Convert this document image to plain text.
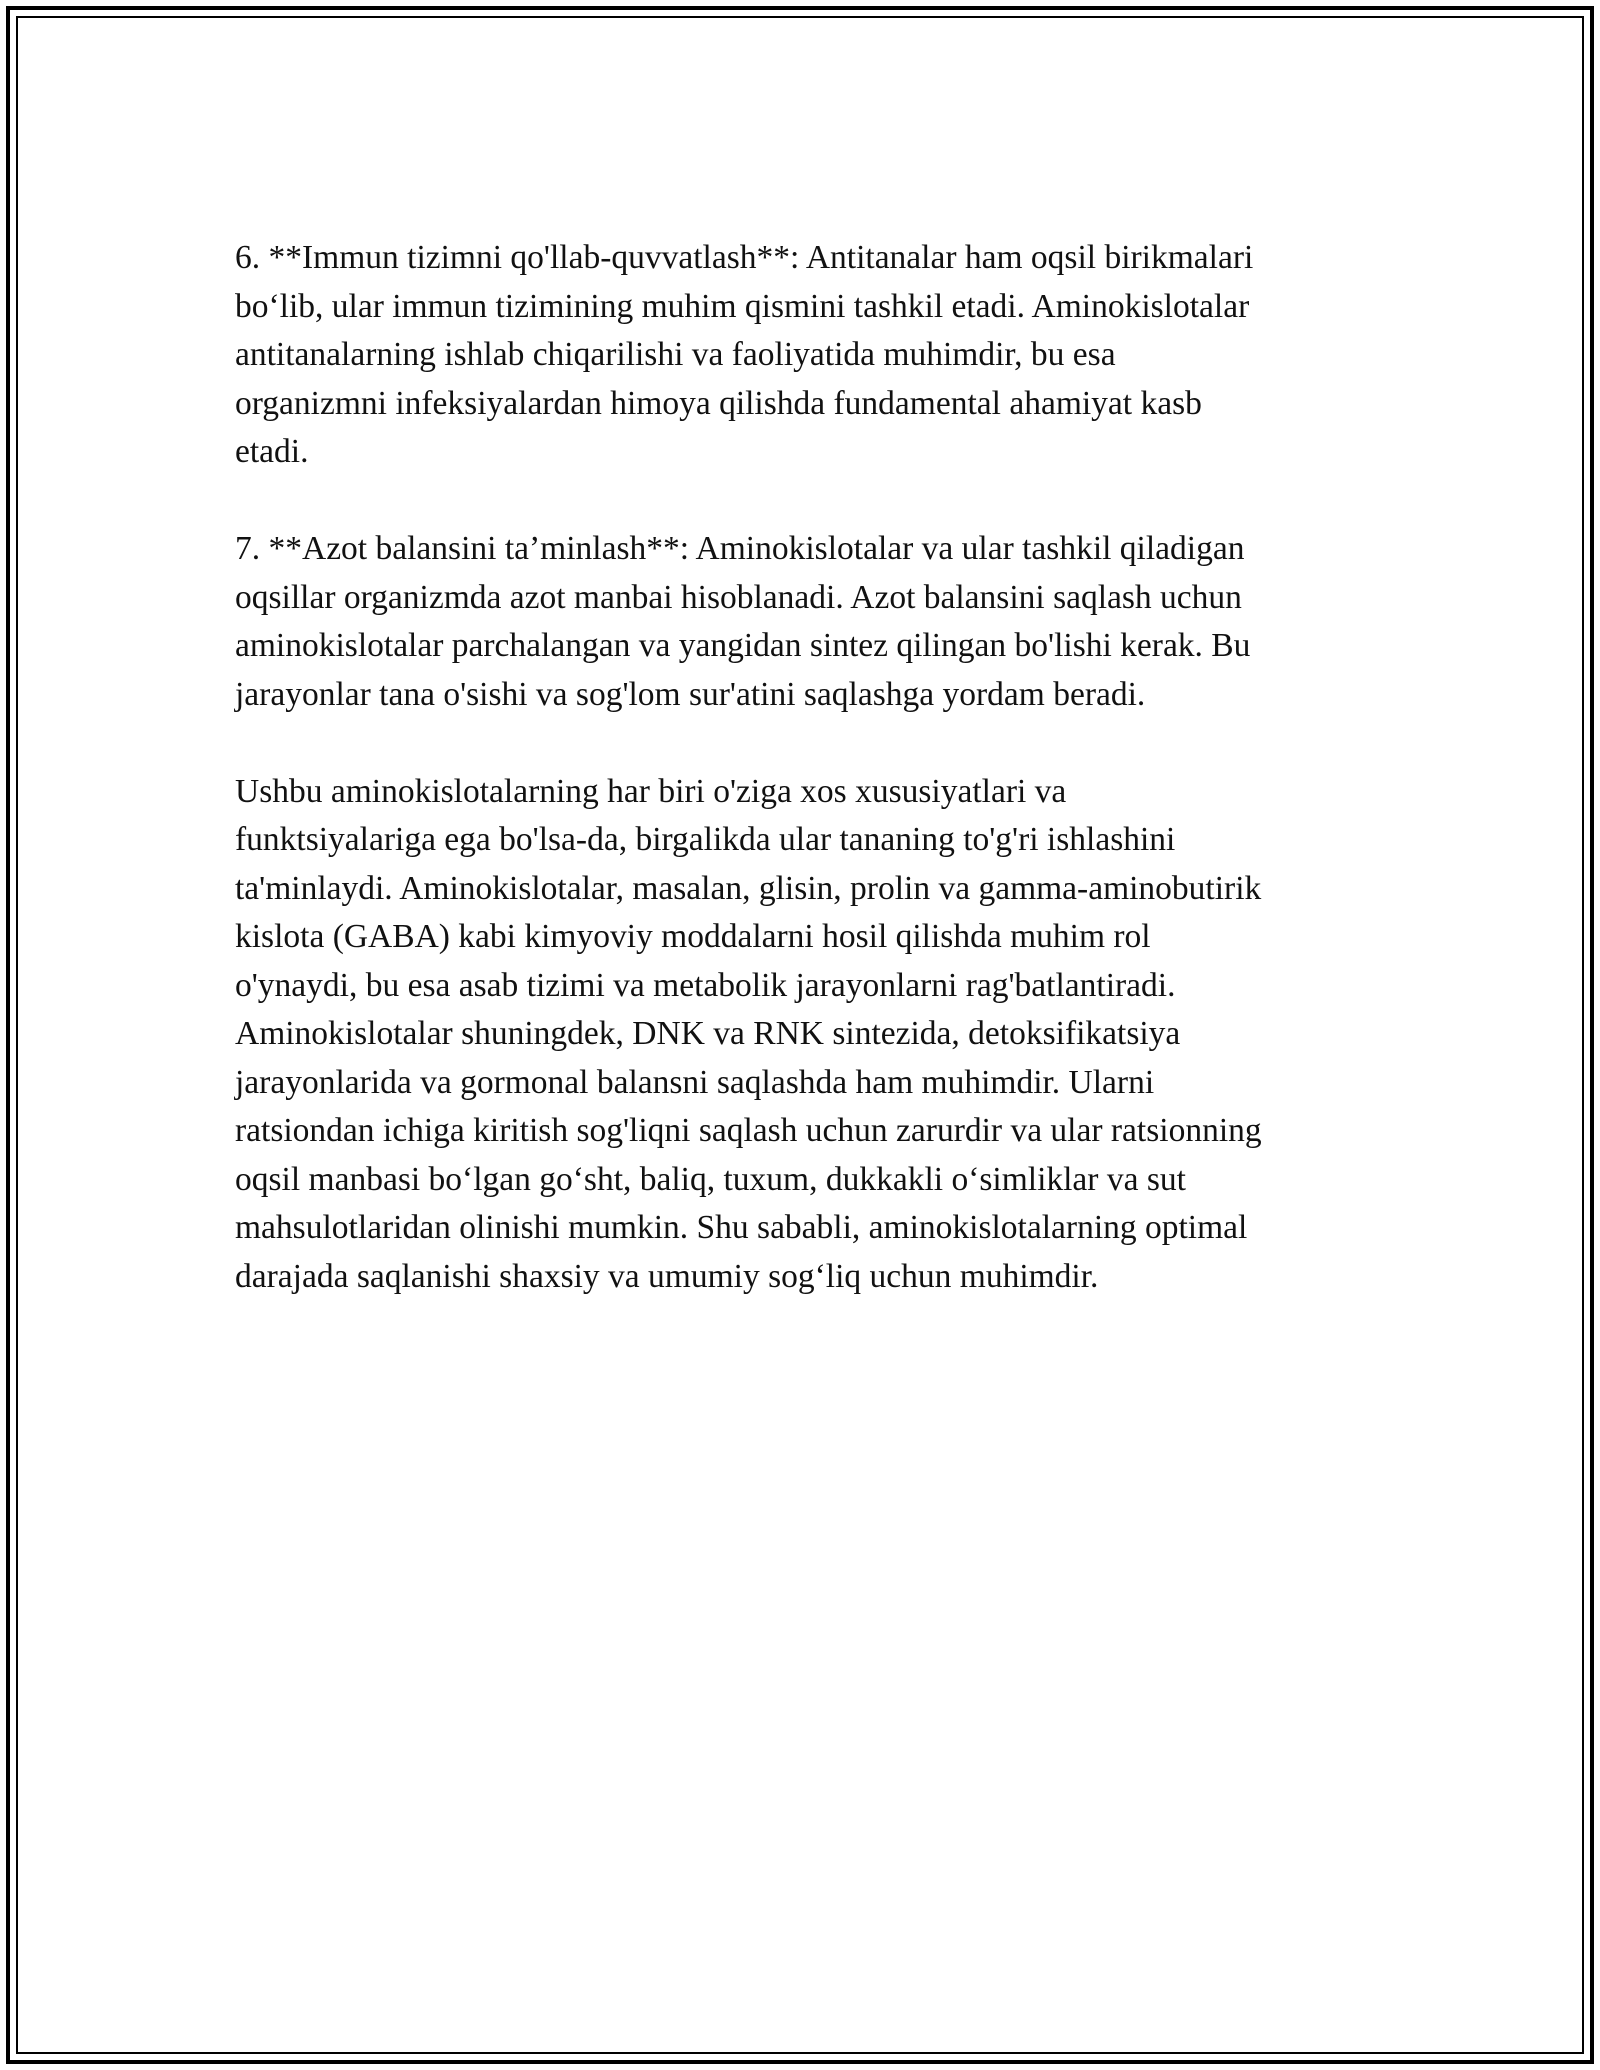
6. **Immun tizimni qo'llab-quvvatlash**: Antitanalar ham oqsil birikmalari
bo‘lib, ular immun tizimining muhim qismini tashkil etadi. Aminokislotalar
antitanalarning ishlab chiqarilishi va faoliyatida muhimdir, bu esa
organizmni infeksiyalardan himoya qilishda fundamental ahamiyat kasb
etadi.

7. **Azot balansini ta’minlash**: Aminokislotalar va ular tashkil qiladigan
oqsillar organizmda azot manbai hisoblanadi. Azot balansini saqlash uchun
aminokislotalar parchalangan va yangidan sintez qilingan bo'lishi kerak. Bu
jarayonlar tana o'sishi va sog'lom sur'atini saqlashga yordam beradi.

Ushbu aminokislotalarning har biri o'ziga xos xususiyatlari va
funktsiyalariga ega bo'lsa-da, birgalikda ular tananing to'g'ri ishlashini
ta'minlaydi. Aminokislotalar, masalan, glisin, prolin va gamma-aminobutirik
kislota (GABA) kabi kimyoviy moddalarni hosil qilishda muhim rol
o'ynaydi, bu esa asab tizimi va metabolik jarayonlarni rag'batlantiradi.
Aminokislotalar shuningdek, DNK va RNK sintezida, detoksifikatsiya
jarayonlarida va gormonal balansni saqlashda ham muhimdir. Ularni
ratsiondan ichiga kiritish sog'liqni saqlash uchun zarurdir va ular ratsionning
oqsil manbasi bo‘lgan go‘sht, baliq, tuxum, dukkakli o‘simliklar va sut
mahsulotlaridan olinishi mumkin. Shu sababli, aminokislotalarning optimal
darajada saqlanishi shaxsiy va umumiy sog‘liq uchun muhimdir.
